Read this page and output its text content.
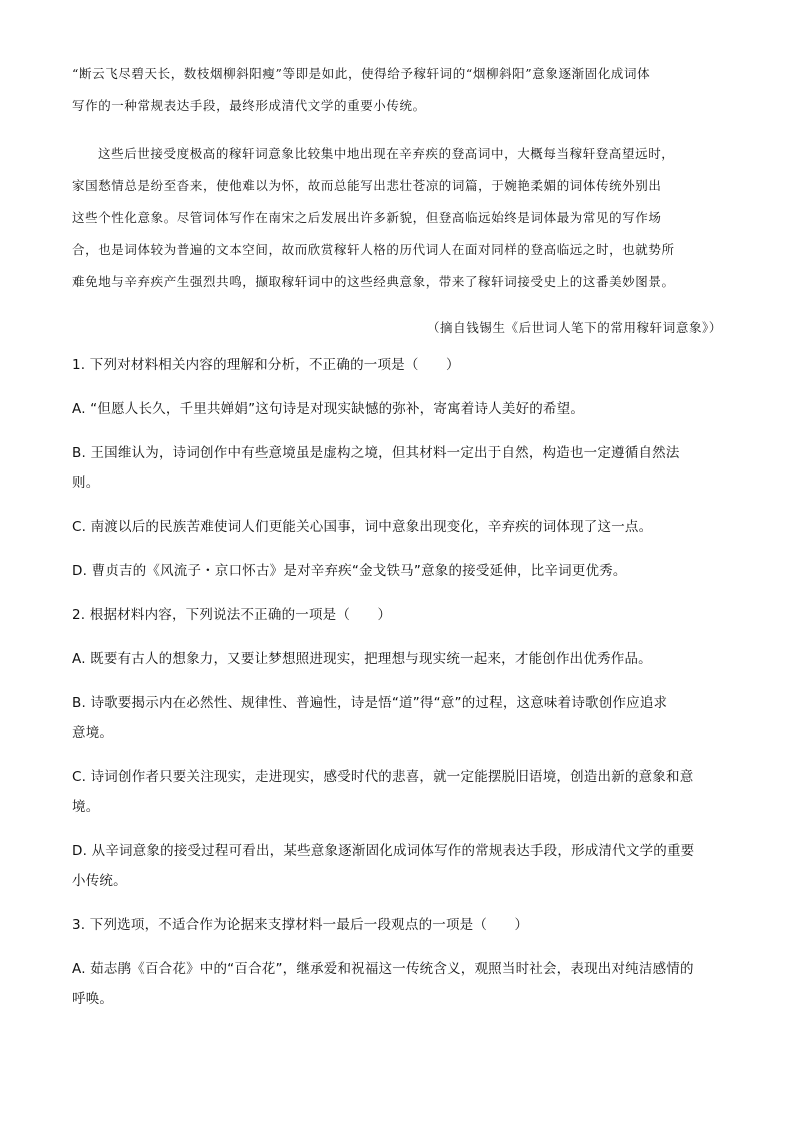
“断云飞尽碧天长，数枝烟柳斜阳瘦”等即是如此，使得给予稼轩词的“烟柳斜阳”意象逐渐固化成词体

写作的一种常规表达手段，最终形成清代文学的重要小传统。

这些后世接受度极高的稼轩词意象比较集中地出现在辛弃疾的登高词中，大概每当稼轩登高望远时，

家国愁情总是纷至沓来，使他难以为怀，故而总能写出悲壮苍凉的词篇，于婉艳柔媚的词体传统外别出

这些个性化意象。尽管词体写作在南宋之后发展出许多新貌，但登高临远始终是词体最为常见的写作场

合，也是词体较为普遍的文本空间，故而欣赏稼轩人格的历代词人在面对同样的登高临远之时，也就势所

难免地与辛弃疾产生强烈共鸣，撷取稼轩词中的这些经典意象，带来了稼轩词接受史上的这番美妙图景。

（摘自钱锡生《后世词人笔下的常用稼轩词意象》）

1. 下列对材料相关内容的理解和分析，不正确的一项是（　　）

A. “但愿人长久，千里共婵娟”这句诗是对现实缺憾的弥补，寄寓着诗人美好的希望。

B. 王国维认为，诗词创作中有些意境虽是虚构之境，但其材料一定出于自然，构造也一定遵循自然法

则。

C. 南渡以后的民族苦难使词人们更能关心国事，词中意象出现变化，辛弃疾的词体现了这一点。

D. 曹贞吉的《风流子・京口怀古》是对辛弃疾“金戈铁马”意象的接受延伸，比辛词更优秀。

2. 根据材料内容，下列说法不正确的一项是（　　）

A. 既要有古人的想象力，又要让梦想照进现实，把理想与现实统一起来，才能创作出优秀作品。

B. 诗歌要揭示内在必然性、规律性、普遍性，诗是悟“道”得“意”的过程，这意味着诗歌创作应追求

意境。

C. 诗词创作者只要关注现实，走进现实，感受时代的悲喜，就一定能摆脱旧语境，创造出新的意象和意

境。

D. 从辛词意象的接受过程可看出，某些意象逐渐固化成词体写作的常规表达手段，形成清代文学的重要

小传统。

3. 下列选项，不适合作为论据来支撑材料一最后一段观点的一项是（　　）

A. 茹志鹃《百合花》中的“百合花”，继承爱和祝福这一传统含义，观照当时社会，表现出对纯洁感情的

呼唤。
